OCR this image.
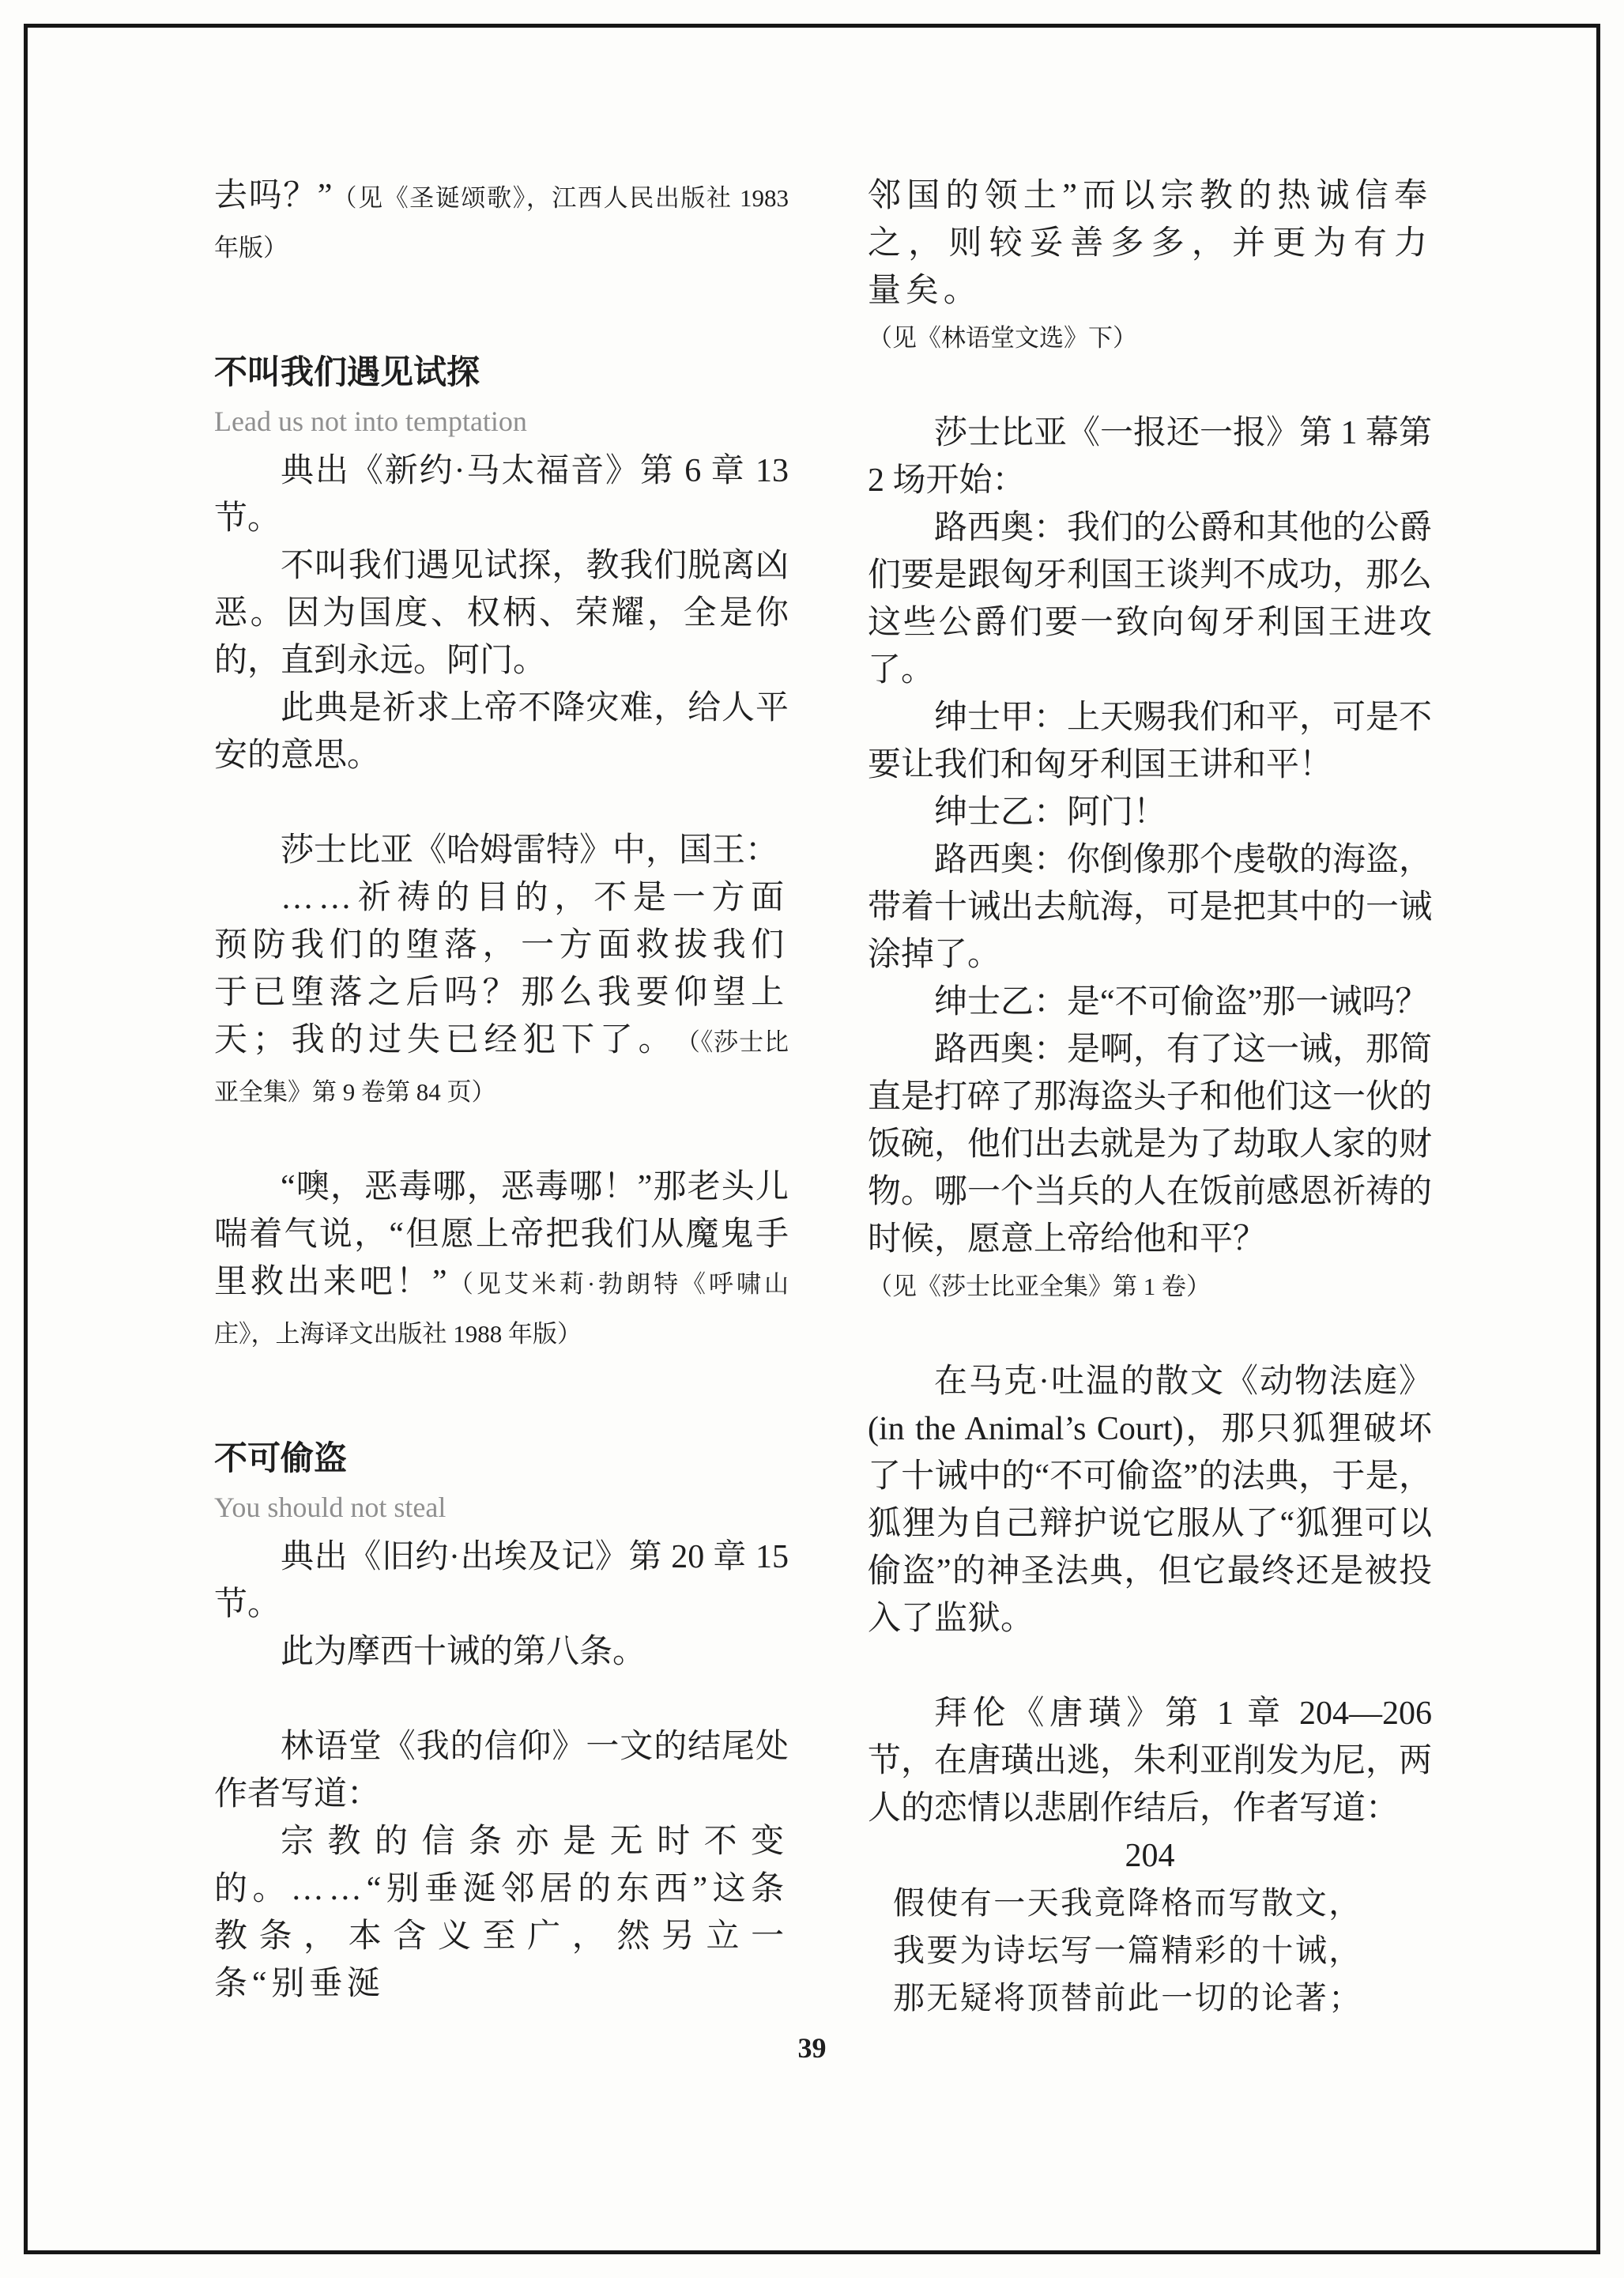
去吗？” （见《圣诞颂歌》，江西人民出版社 1983 年版）

不叫我们遇见试探

Lead us not into temptation

典出《新约·马太福音》第 6 章 13 节。

不叫我们遇见试探，教我们脱离凶恶。因为国度、权柄、荣耀，全是你的，直到永远。阿门。

此典是祈求上帝不降灾难，给人平安的意思。

莎士比亚《哈姆雷特》中，国王：

……祈祷的目的，不是一方面预防我们的堕落，一方面救拔我们于已堕落之后吗？那么我要仰望上天；我的过失已经犯下了。 （《莎士比亚全集》第 9 卷第 84 页）

“噢，恶毒哪，恶毒哪！”那老头儿喘着气说，“但愿上帝把我们从魔鬼手里救出来吧！” （见艾米莉·勃朗特《呼啸山庄》，上海译文出版社 1988 年版）

不可偷盗

You should not steal

典出《旧约·出埃及记》第 20 章 15 节。

此为摩西十诫的第八条。

林语堂《我的信仰》一文的结尾处作者写道：

宗教的信条亦是无时不变的。……“别垂涎邻居的东西”这条教条，本含义至广，然另立一条“别垂涎

邻国的领土”而以宗教的热诚信奉之，则较妥善多多，并更为有力量矣。

（见《林语堂文选》下）

莎士比亚《一报还一报》第 1 幕第 2 场开始：

路西奥：我们的公爵和其他的公爵们要是跟匈牙利国王谈判不成功，那么这些公爵们要一致向匈牙利国王进攻了。

绅士甲：上天赐我们和平，可是不要让我们和匈牙利国王讲和平！

绅士乙：阿门！

路西奥：你倒像那个虔敬的海盗，带着十诫出去航海，可是把其中的一诫涂掉了。

绅士乙：是“不可偷盗”那一诫吗？

路西奥：是啊，有了这一诫，那简直是打碎了那海盗头子和他们这一伙的饭碗，他们出去就是为了劫取人家的财物。哪一个当兵的人在饭前感恩祈祷的时候，愿意上帝给他和平？

（见《莎士比亚全集》第 1 卷）

在马克·吐温的散文《动物法庭》(in the Animal’s Court)，那只狐狸破坏了十诫中的“不可偷盗”的法典，于是，狐狸为自己辩护说它服从了“狐狸可以偷盗”的神圣法典，但它最终还是被投入了监狱。

拜伦《唐璜》第 1 章 204—206 节，在唐璜出逃，朱利亚削发为尼，两人的恋情以悲剧作结后，作者写道：

204

假使有一天我竟降格而写散文，

我要为诗坛写一篇精彩的十诫，

那无疑将顶替前此一切的论著；

39
